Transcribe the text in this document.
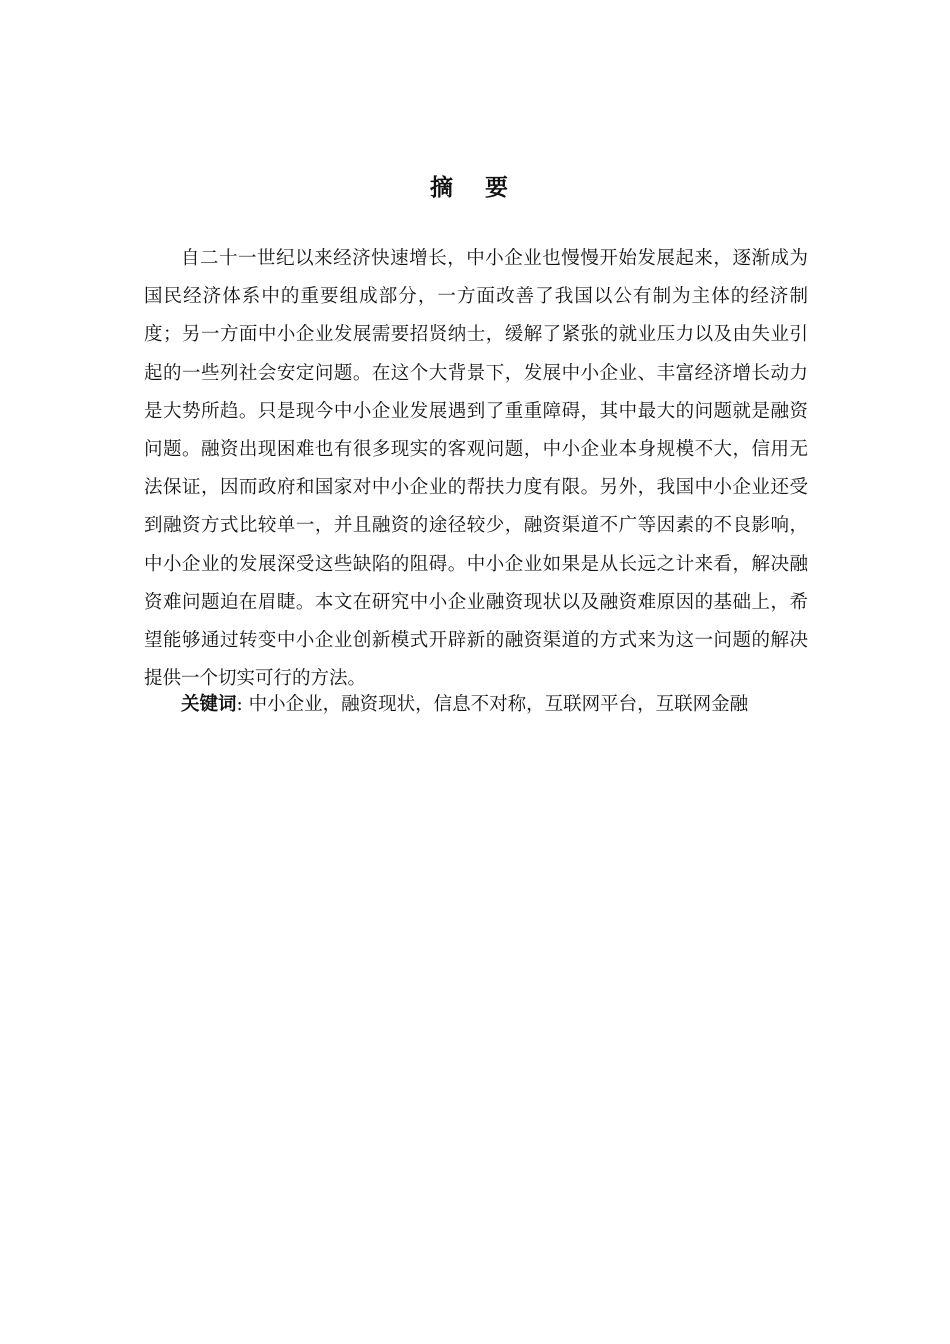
摘 要

自二十一世纪以来经济快速增长，中小企业也慢慢开始发展起来，逐渐成为国民经济体系中的重要组成部分，一方面改善了我国以公有制为主体的经济制度；另一方面中小企业发展需要招贤纳士，缓解了紧张的就业压力以及由失业引起的一些列社会安定问题。在这个大背景下，发展中小企业、丰富经济增长动力是大势所趋。只是现今中小企业发展遇到了重重障碍，其中最大的问题就是融资问题。融资出现困难也有很多现实的客观问题，中小企业本身规模不大，信用无法保证，因而政府和国家对中小企业的帮扶力度有限。另外，我国中小企业还受到融资方式比较单一，并且融资的途径较少，融资渠道不广等因素的不良影响，中小企业的发展深受这些缺陷的阻碍。中小企业如果是从长远之计来看，解决融资难问题迫在眉睫。本文在研究中小企业融资现状以及融资难原因的基础上，希望能够通过转变中小企业创新模式开辟新的融资渠道的方式来为这一问题的解决提供一个切实可行的方法。

关键词: 中小企业，融资现状，信息不对称，互联网平台，互联网金融
